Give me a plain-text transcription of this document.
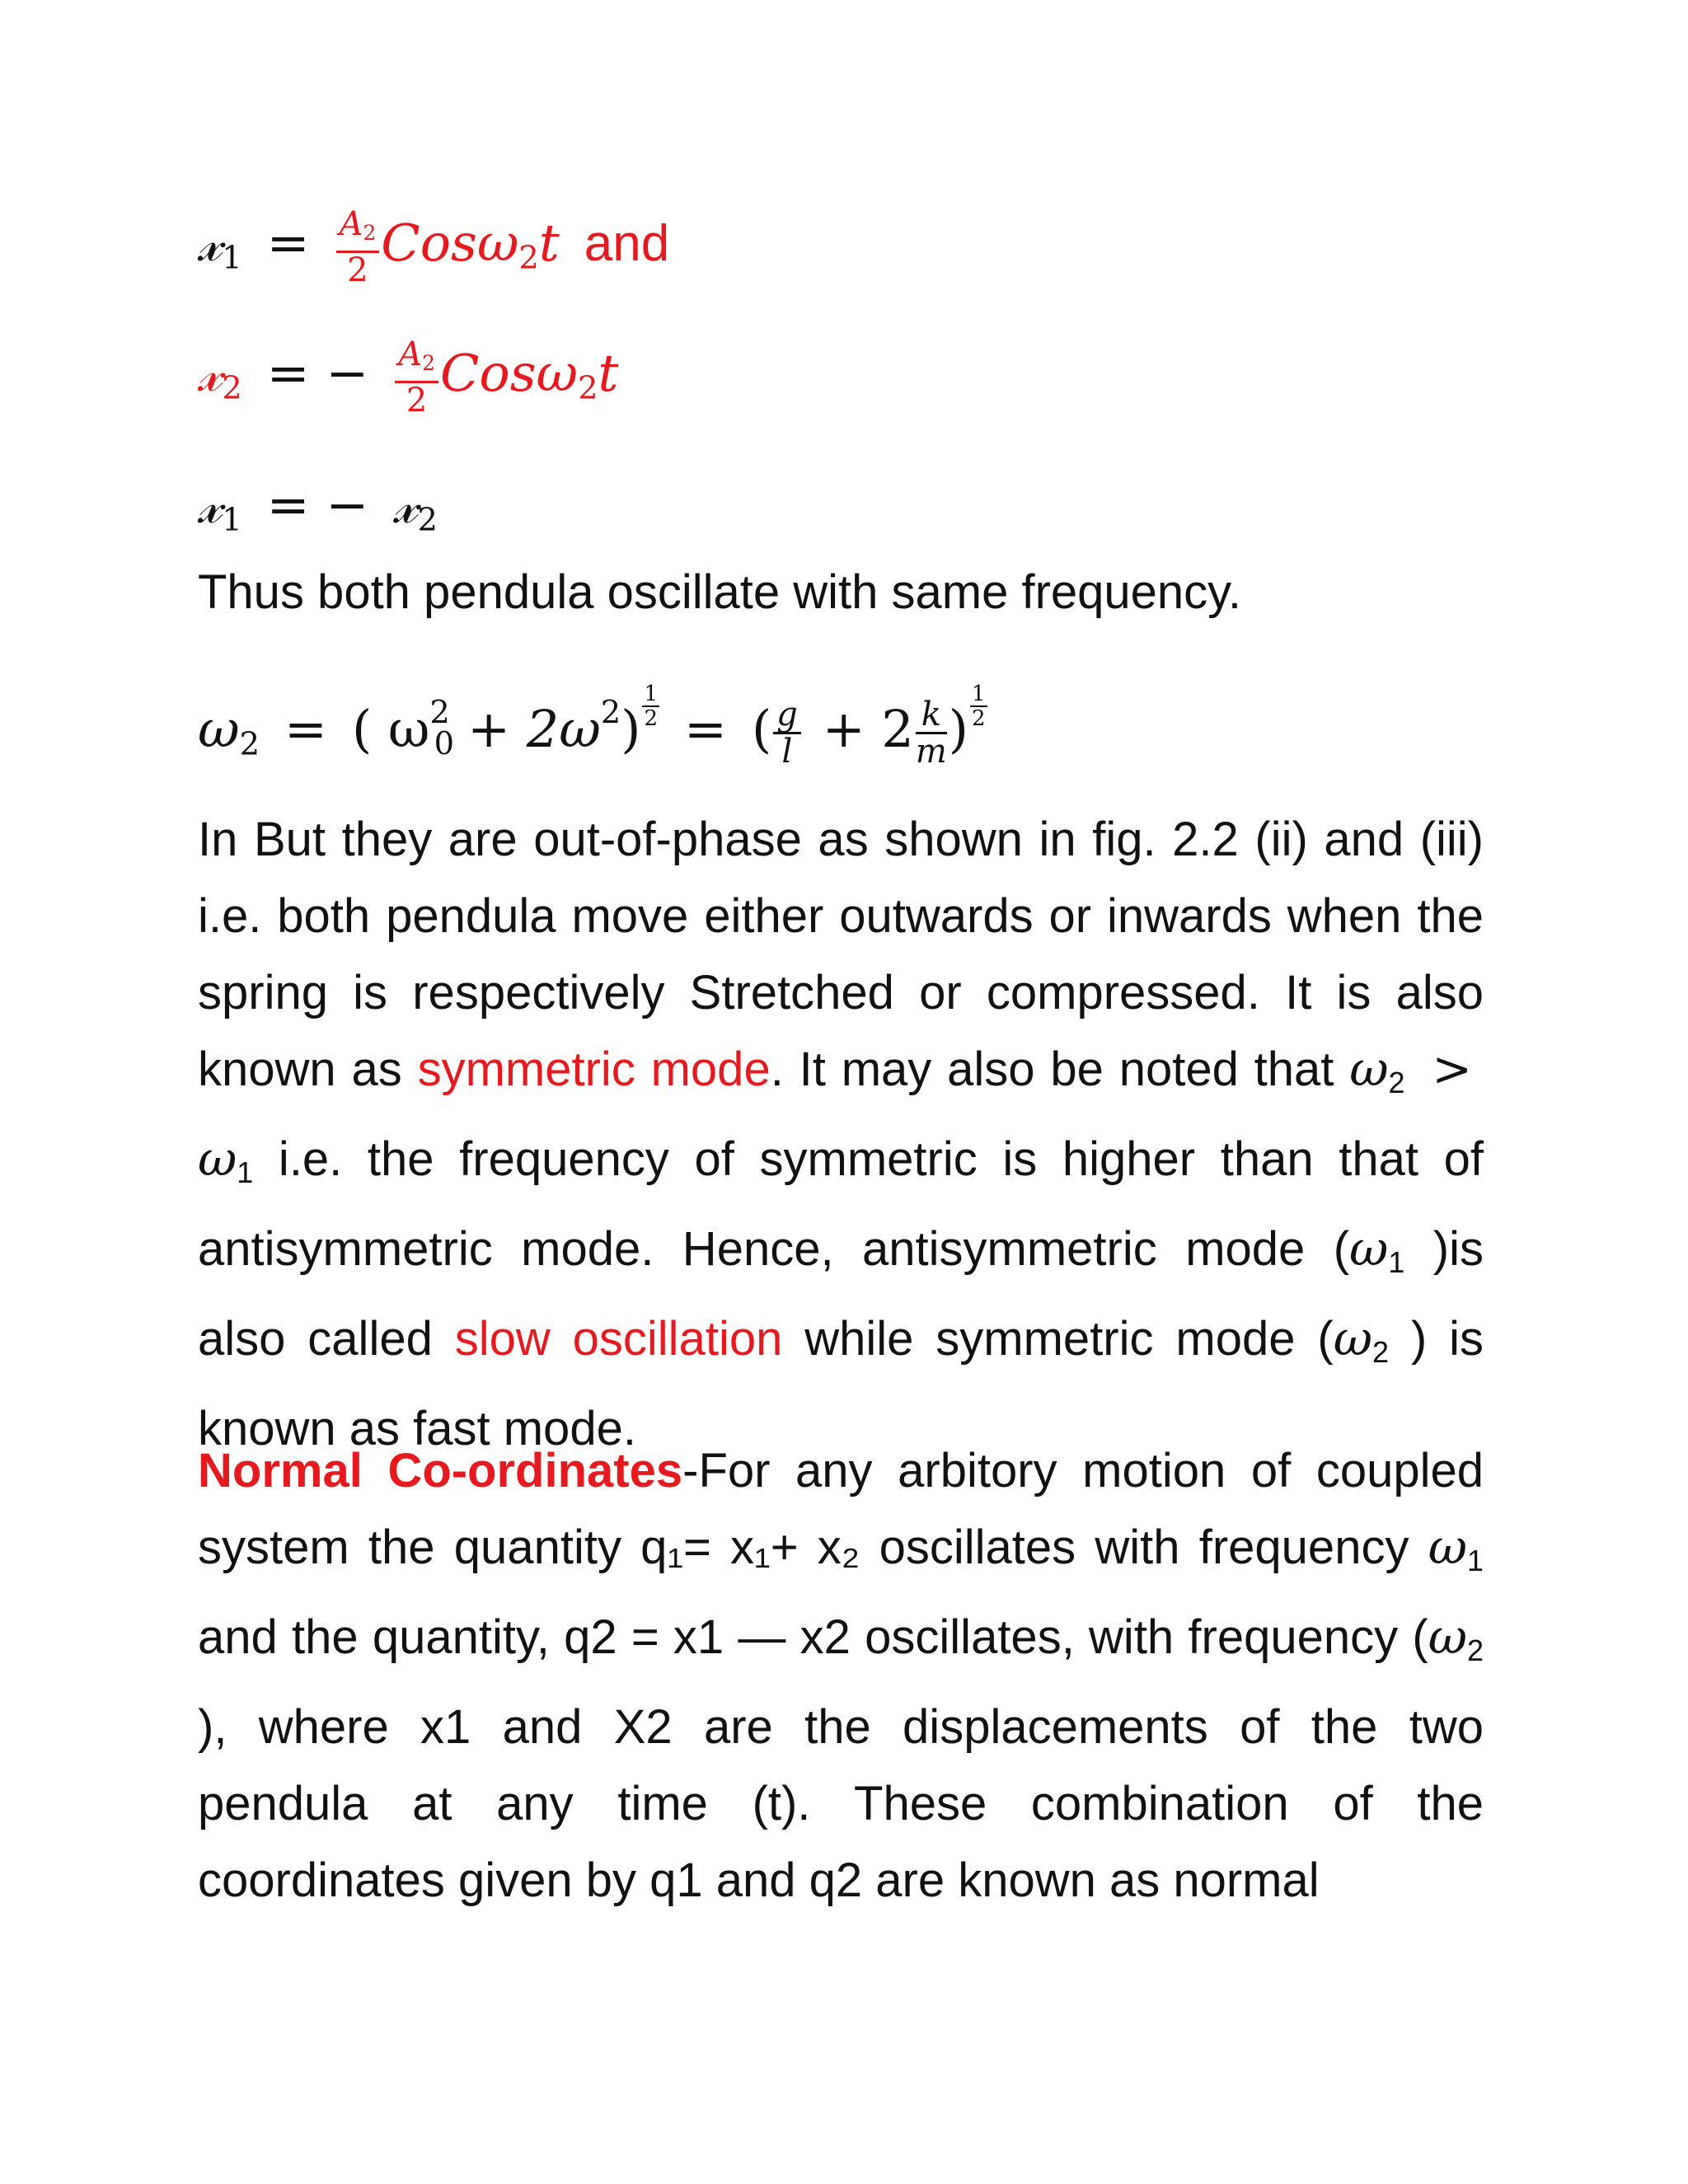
𝓍$_1$ = $\frac{A_2}{2} Cos\omega_2t$ and
𝓍$_2$ = − $\frac{A_2}{2} Cos\omega_2t$
𝓍$_1$ = − 𝓍$_2$
Thus both pendula oscillate with same frequency.
$\omega_2$ = ( $\omega^2_0 + 2\omega^2) \frac{1}{2}$ = ( $\frac{g}{l} + 2 \frac{k}{m}$ ) $\frac{1}{2}$
In But they are out-of-phase as shown in fig. 2.2 (ii) and (iii) i.e. both pendula move either outwards or inwards when the spring is respectively Stretched or compressed. It is also known as symmetric mode. It may also be noted that $\omega_2 > \omega_1$ i.e. the frequency of symmetric is higher than that of antisymmetric mode. Hence, antisymmetric mode ($\omega_1$ )is also called slow oscillation while symmetric mode ($\omega_2$ ) is known as fast mode.
Normal Co-ordinates-For any arbitory motion of coupled system the quantity q₁= x₁+ x₂ oscillates with frequency $\omega_1$ and the quantity, q2 = x1 — x2 oscillates, with frequency ($\omega_2$ ), where x1 and X2 are the displacements of the two pendula at any time (t). These combination of the coordinates given by q1 and q2 are known as normal
